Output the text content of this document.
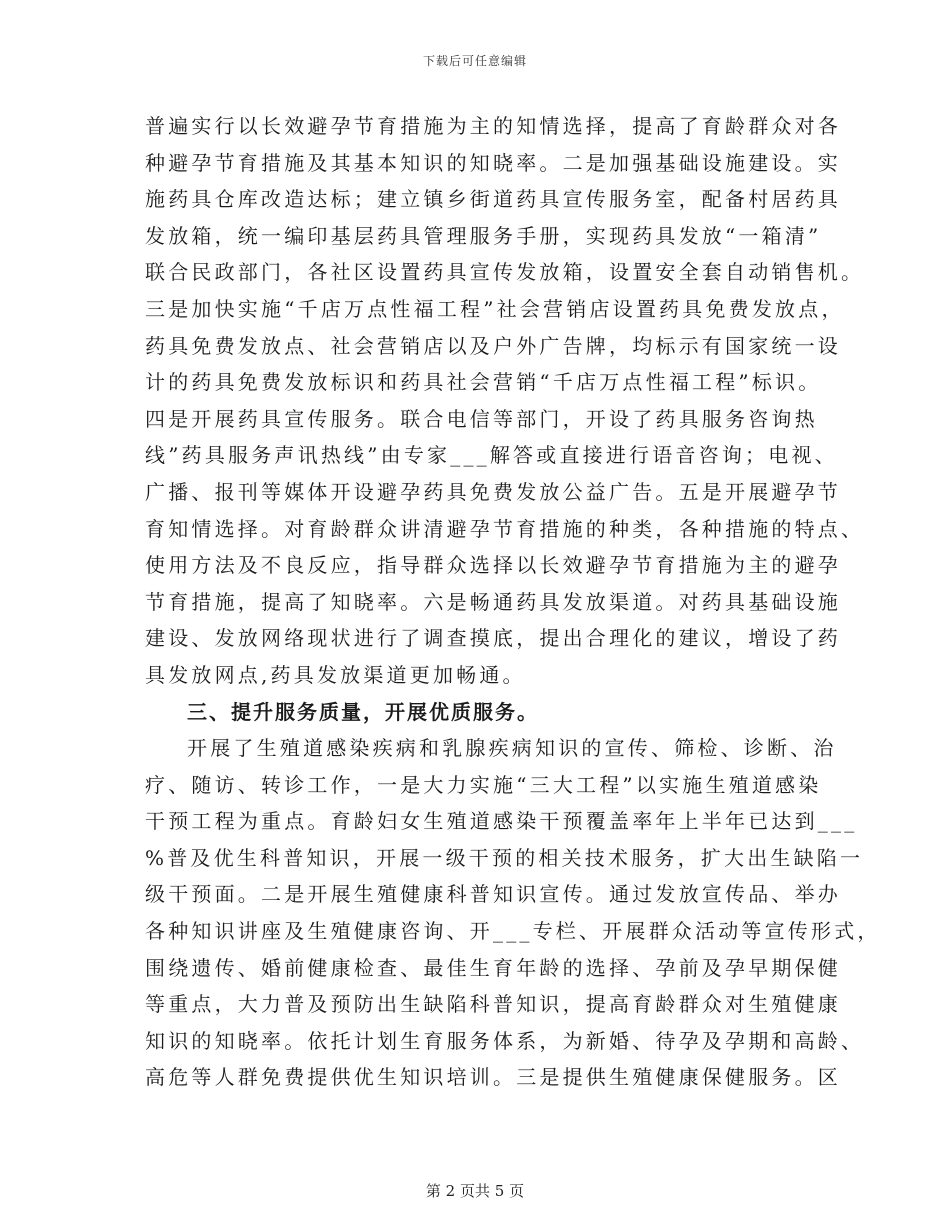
下载后可任意编辑
普遍实行以长效避孕节育措施为主的知情选择，提高了育龄群众对各
种避孕节育措施及其基本知识的知晓率。二是加强基础设施建设。实
施药具仓库改造达标；建立镇乡街道药具宣传服务室，配备村居药具
发放箱，统一编印基层药具管理服务手册，实现药具发放“一箱清”
联合民政部门，各社区设置药具宣传发放箱，设置安全套自动销售机。
三是加快实施“千店万点性福工程”社会营销店设置药具免费发放点，
药具免费发放点、社会营销店以及户外广告牌，均标示有国家统一设
计的药具免费发放标识和药具社会营销“千店万点性福工程”标识。
四是开展药具宣传服务。联合电信等部门，开设了药具服务咨询热
线”药具服务声讯热线”由专家___解答或直接进行语音咨询；电视、
广播、报刊等媒体开设避孕药具免费发放公益广告。五是开展避孕节
育知情选择。对育龄群众讲清避孕节育措施的种类，各种措施的特点、
使用方法及不良反应，指导群众选择以长效避孕节育措施为主的避孕
节育措施，提高了知晓率。六是畅通药具发放渠道。对药具基础设施
建设、发放网络现状进行了调查摸底，提出合理化的建议，增设了药
具发放网点,药具发放渠道更加畅通。
三、提升服务质量，开展优质服务。
开展了生殖道感染疾病和乳腺疾病知识的宣传、筛检、诊断、治
疗、随访、转诊工作，一是大力实施“三大工程”以实施生殖道感染
干预工程为重点。育龄妇女生殖道感染干预覆盖率年上半年已达到___
%普及优生科普知识，开展一级干预的相关技术服务，扩大出生缺陷一
级干预面。二是开展生殖健康科普知识宣传。通过发放宣传品、举办
各种知识讲座及生殖健康咨询、开___专栏、开展群众活动等宣传形式，
围绕遗传、婚前健康检查、最佳生育年龄的选择、孕前及孕早期保健
等重点，大力普及预防出生缺陷科普知识，提高育龄群众对生殖健康
知识的知晓率。依托计划生育服务体系，为新婚、待孕及孕期和高龄、
高危等人群免费提供优生知识培训。三是提供生殖健康保健服务。区
第 2 页共 5 页
